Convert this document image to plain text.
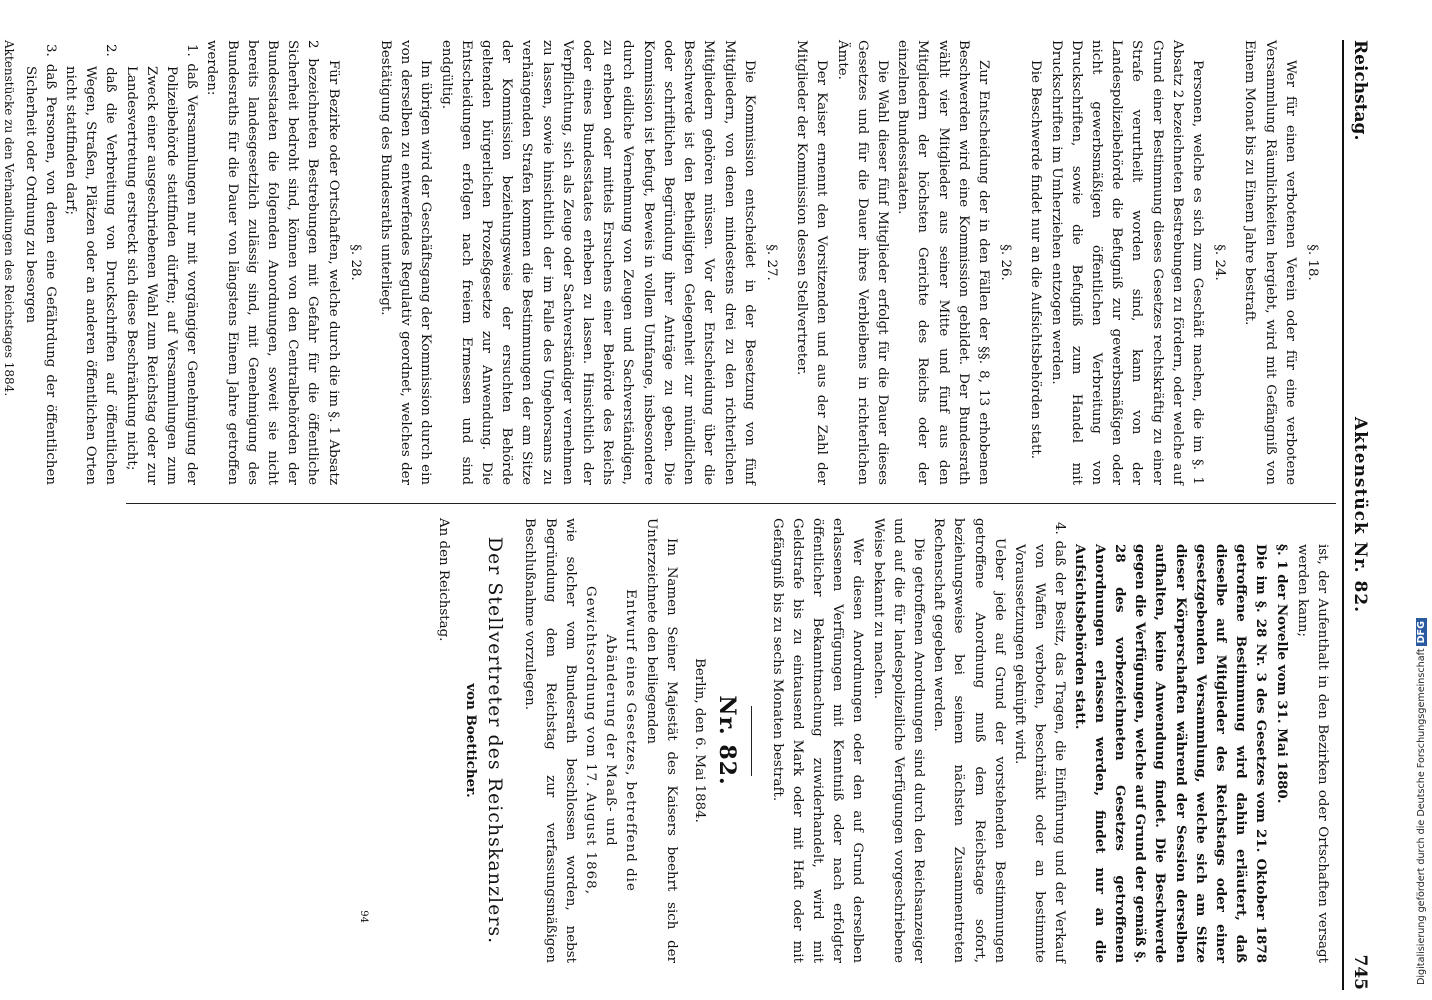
Reichstag.
Aktenstück Nr. 82.
745

§. 18.

Wer für einen verbotenen Verein oder für eine verbotene Versammlung Räumlichkeiten hergiebt, wird mit Gefängniß von Einem Monat bis zu Einem Jahre bestraft.

§. 24.

Personen, welche es sich zum Geschäft machen, die im §. 1 Absatz 2 bezeichneten Bestrebungen zu fördern, oder welche auf Grund einer Bestimmung dieses Gesetzes rechtskräftig zu einer Strafe verurtheilt worden sind, kann von der Landespolizeibehörde die Befugniß zur gewerbsmäßigen oder nicht gewerbsmäßigen öffentlichen Verbreitung von Druckschriften, sowie die Befugniß zum Handel mit Druckschriften im Umherziehen entzogen werden.

Die Beschwerde findet nur an die Aufsichtsbehörden statt.

§. 26.

Zur Entscheidung der in den Fällen der §§. 8, 13 erhobenen Beschwerden wird eine Kommission gebildet. Der Bundesrath wählt vier Mitglieder aus seiner Mitte und fünf aus den Mitgliedern der höchsten Gerichte des Reichs oder der einzelnen Bundesstaaten.

Die Wahl dieser fünf Mitglieder erfolgt für die Dauer dieses Gesetzes und für die Dauer ihres Verbleibens in richterlichen Ämte.

Der Kaiser ernennt den Vorsitzenden und aus der Zahl der Mitglieder der Kommission dessen Stellvertreter.

§. 27.

Die Kommission entscheidet in der Besetzung von fünf Mitgliedern, von denen mindestens drei zu den richterlichen Mitgliedern gehören müssen. Vor der Entscheidung über die Beschwerde ist den Betheiligten Gelegenheit zur mündlichen oder schriftlichen Begründung ihrer Anträge zu geben. Die Kommission ist befugt, Beweis in vollem Umfange, insbesondere durch eidliche Vernehmung von Zeugen und Sachverständigen, zu erheben oder mittels Ersuchens einer Behörde des Reichs oder eines Bundesstaates erheben zu lassen. Hinsichtlich der Verpflichtung, sich als Zeuge oder Sachverständiger vernehmen zu lassen, sowie hinsichtlich der im Falle des Ungehorsams zu verhängenden Strafen kommen die Bestimmungen der am Sitze der Kommission beziehungsweise der ersuchten Behörde geltenden bürgerlichen Prozeßgesetze zur Anwendung. Die Entscheidungen erfolgen nach freiem Ermessen und sind endgültig.

Im übrigen wird der Geschäftsgang der Kommission durch ein von derselben zu entwerfendes Regulativ geordnet, welches der Bestätigung des Bundesraths unterliegt.

§. 28.

Für Bezirke oder Ortschaften, welche durch die im §. 1 Absatz 2 bezeichneten Bestrebungen mit Gefahr für die öffentliche Sicherheit bedroht sind, können von den Centralbehörden der Bundesstaaten die folgenden Anordnungen, soweit sie nicht bereits landesgesetzlich zulässig sind, mit Genehmigung des Bundesraths für die Dauer von längstens Einem Jahre getroffen werden:

1. daß Versammlungen nur mit vorgängiger Genehmigung der Polizeibehörde stattfinden dürfen; auf Versammlungen zum Zweck einer ausgeschriebenen Wahl zum Reichstag oder zur Landesvertretung erstreckt sich diese Beschränkung nicht;

2. daß die Verbreitung von Druckschriften auf öffentlichen Wegen, Straßen, Plätzen oder an anderen öffentlichen Orten nicht stattfinden darf;

3. daß Personen, von denen eine Gefährdung der öffentlichen Sicherheit oder Ordnung zu besorgen

Aktenstücke zu den Verhandlungen des Reichstages 1884.

ist, der Aufenthalt in den Bezirken oder Ortschaften versagt werden kann;

§. 1 der Novelle vom 31. Mai 1880.

Die im §. 28 Nr. 3 des Gesetzes vom 21. Oktober 1878 getroffene Bestimmung wird dahin erläutert, daß dieselbe auf Mitglieder des Reichstags oder einer gesetzgebenden Versammlung, welche sich am Sitze dieser Körperschaften während der Session derselben aufhalten, keine Anwendung findet. Die Beschwerde gegen die Verfügungen, welche auf Grund der gemäß §. 28 des vorbezeichneten Gesetzes getroffenen Anordnungen erlassen werden, findet nur an die Aufsichtsbehörden statt.

4. daß der Besitz, das Tragen, die Einführung und der Verkauf von Waffen verboten, beschränkt oder an bestimmte Voraussetzungen geknüpft wird.

Ueber jede auf Grund der vorstehenden Bestimmungen getroffene Anordnung muß dem Reichstage sofort, beziehungsweise bei seinem nächsten Zusammentreten Rechenschaft gegeben werden.

Die getroffenen Anordnungen sind durch den Reichsanzeiger und auf die für landespolizeiliche Verfügungen vorgeschriebene Weise bekannt zu machen.

Wer diesen Anordnungen oder den auf Grund derselben erlassenen Verfügungen mit Kenntniß oder nach erfolgter öffentlicher Bekanntmachung zuwiderhandelt, wird mit Geldstrafe bis zu eintausend Mark oder mit Haft oder mit Gefängniß bis zu sechs Monaten bestraft.

Nr. 82.

Berlin, den 6. Mai 1884.

Im Namen Seiner Majestät des Kaisers beehrt sich der Unterzeichnete den beiliegenden

Entwurf eines Gesetzes, betreffend die Abänderung der Maaß- und Gewichtsordnung vom 17. August 1868,

wie solcher vom Bundesrath beschlossen worden, nebst Begründung dem Reichstag zur verfassungsmäßigen Beschlußnahme vorzulegen.

Der Stellvertreter des Reichskanzlers.

von Boetticher.

An den Reichstag.

94	Digitalisierung gefördert durch die Deutsche ForschungsgemeinschaftDFG
